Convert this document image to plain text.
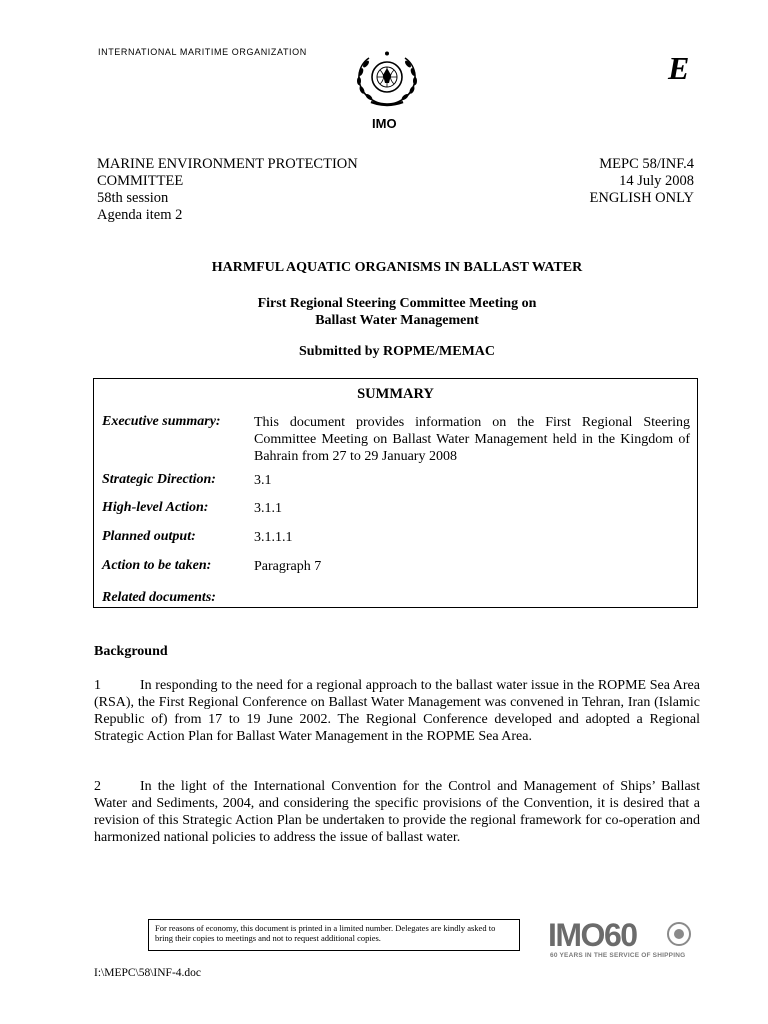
INTERNATIONAL MARITIME ORGANIZATION
IMO
E
MARINE ENVIRONMENT PROTECTION
COMMITTEE
58th session
Agenda item 2
MEPC 58/INF.4
14 July 2008
ENGLISH ONLY
HARMFUL AQUATIC ORGANISMS IN BALLAST WATER
First Regional Steering Committee Meeting on
Ballast Water Management
Submitted by ROPME/MEMAC
SUMMARY
Executive summary: This document provides information on the First Regional Steering Committee Meeting on Ballast Water Management held in the Kingdom of Bahrain from 27 to 29 January 2008
Strategic Direction:	3.1
High-level Action:	3.1.1
Planned output:	3.1.1.1
Action to be taken:	Paragraph 7
Related documents:
Background
1	In responding to the need for a regional approach to the ballast water issue in the ROPME Sea Area (RSA), the First Regional Conference on Ballast Water Management was convened in Tehran, Iran (Islamic Republic of) from 17 to 19 June 2002. The Regional Conference developed and adopted a Regional Strategic Action Plan for Ballast Water Management in the ROPME Sea Area.
2	In the light of the International Convention for the Control and Management of Ships’ Ballast Water and Sediments, 2004, and considering the specific provisions of the Convention, it is desired that a revision of this Strategic Action Plan be undertaken to provide the regional framework for co-operation and harmonized national policies to address the issue of ballast water.
For reasons of economy, this document is printed in a limited number. Delegates are kindly asked to bring their copies to meetings and not to request additional copies.	IMO60
60 YEARS IN THE SERVICE OF SHIPPING
I:\MEPC\58\INF-4.doc
